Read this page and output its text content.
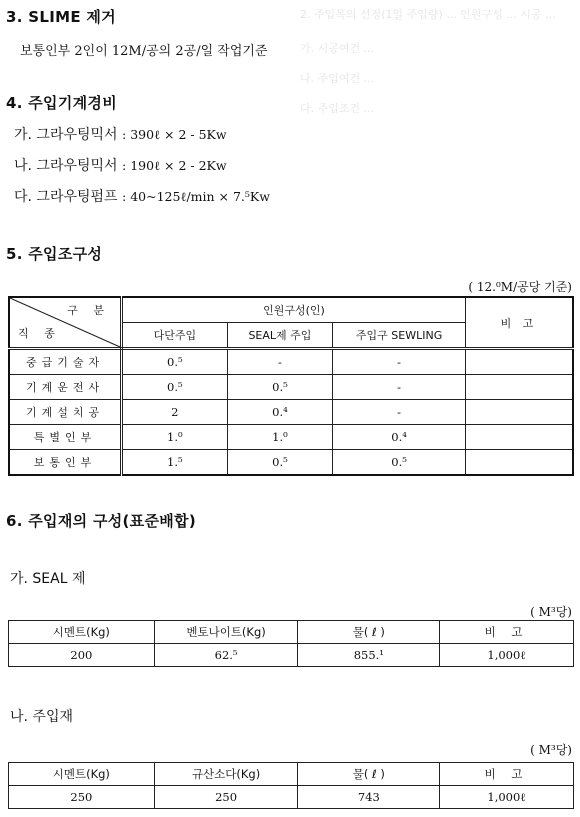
2. 주입목의 선정(1일 주입량) ... 인원구성 ... 시공 ...
가. 시공여건 ...
나. 주입여건 ...
다. 주입조건 ...
3. SLIME 제거
보통인부 2인이 12M/공의 2공/일 작업기준
4. 주입기계경비
가. 그라우팅믹서 : 390ℓ × 2 - 5Kw
나. 그라우팅믹서 : 190ℓ × 2 - 2Kw
다. 그라우팅펌프 : 40~125ℓ/min × 7.⁵Kw
5. 주입조구성
( 12.⁰M/공당 기준)
구 분
직 종	인원구성(인)			비 고
	다단주입	SEAL제 주입	주입구 SEWLING	
중급기술자	0.⁵	-	-	
기계운전사	0.⁵	0.⁵	-	
기계설치공	2	0.⁴	-	
특별인부	1.⁰	1.⁰	0.⁴	
보통인부	1.⁵	0.⁵	0.⁵	
6. 주입재의 구성(표준배합)
가. SEAL 제
( M³당)
시멘트(Kg)	벤토나이트(Kg)	물( ℓ )	비 고
200	62.⁵	855.¹	1,000ℓ
나. 주입재
( M³당)
시멘트(Kg)	규산소다(Kg)	물( ℓ )	비 고
250	250	743	1,000ℓ
